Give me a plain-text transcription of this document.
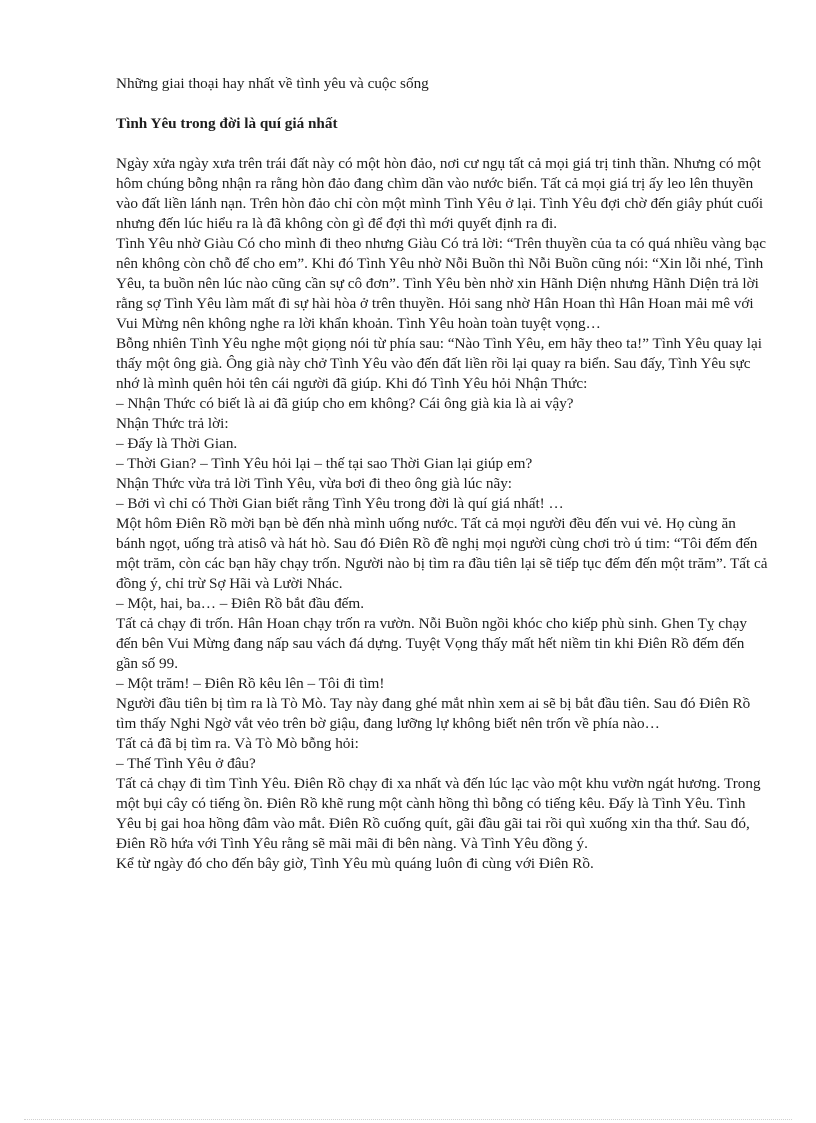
Những giai thoại hay nhất về tình yêu và cuộc sống

Tình Yêu trong đời là quí giá nhất

Ngày xửa ngày xưa trên trái đất này có một hòn đảo, nơi cư ngụ tất cả mọi giá trị tinh thần. Nhưng có một hôm chúng bỗng nhận ra rằng hòn đảo đang chìm dần vào nước biển. Tất cả mọi giá trị ấy leo lên thuyền vào đất liền lánh nạn. Trên hòn đảo chỉ còn một mình Tình Yêu ở lại. Tình Yêu đợi chờ đến giây phút cuối nhưng đến lúc hiểu ra là đã không còn gì để đợi thì mới quyết định ra đi.

Tình Yêu nhờ Giàu Có cho mình đi theo nhưng Giàu Có trả lời: “Trên thuyền của ta có quá nhiều vàng bạc nên không còn chỗ để cho em”. Khi đó Tình Yêu nhờ Nỗi Buồn thì Nỗi Buồn cũng nói: “Xin lỗi nhé, Tình Yêu, ta buồn nên lúc nào cũng cần sự cô đơn”. Tình Yêu bèn nhờ xin Hãnh Diện nhưng Hãnh Diện trả lời rằng sợ Tình Yêu làm mất đi sự hài hòa ở trên thuyền. Hỏi sang nhờ Hân Hoan thì Hân Hoan mải mê với Vui Mừng nên không nghe ra lời khẩn khoản. Tình Yêu hoàn toàn tuyệt vọng…

Bỗng nhiên Tình Yêu nghe một giọng nói từ phía sau: “Nào Tình Yêu, em hãy theo ta!” Tình Yêu quay lại thấy một ông già. Ông già này chở Tình Yêu vào đến đất liền rồi lại quay ra biển. Sau đấy, Tình Yêu sực nhớ là mình quên hỏi tên cái người đã giúp. Khi đó Tình Yêu hỏi Nhận Thức:

– Nhận Thức có biết là ai đã giúp cho em không? Cái ông già kia là ai vậy?

Nhận Thức trả lời:

– Đấy là Thời Gian.

– Thời Gian? – Tình Yêu hỏi lại – thế tại sao Thời Gian lại giúp em?

Nhận Thức vừa trả lời Tình Yêu, vừa bơi đi theo ông già lúc nãy:

– Bởi vì chỉ có Thời Gian biết rằng Tình Yêu trong đời là quí giá nhất! …

Một hôm Điên Rồ mời bạn bè đến nhà mình uống nước. Tất cả mọi người đều đến vui vẻ. Họ cùng ăn bánh ngọt, uống trà atisô và hát hò. Sau đó Điên Rồ đề nghị mọi người cùng chơi trò ú tim: “Tôi đếm đến một trăm, còn các bạn hãy chạy trốn. Người nào bị tìm ra đầu tiên lại sẽ tiếp tục đếm đến một trăm”. Tất cả đồng ý, chỉ trừ Sợ Hãi và Lười Nhác.

– Một, hai, ba… – Điên Rồ bắt đầu đếm.

Tất cả chạy đi trốn. Hân Hoan chạy trốn ra vườn. Nỗi Buồn ngồi khóc cho kiếp phù sinh. Ghen Tỵ chạy đến bên Vui Mừng đang nấp sau vách đá dựng. Tuyệt Vọng thấy mất hết niềm tin khi Điên Rồ đếm đến gần số 99.

– Một trăm! – Điên Rồ kêu lên – Tôi đi tìm!

Người đầu tiên bị tìm ra là Tò Mò. Tay này đang ghé mắt nhìn xem ai sẽ bị bắt đầu tiên. Sau đó Điên Rồ tìm thấy Nghi Ngờ vắt vẻo trên bờ giậu, đang lưỡng lự không biết nên trốn về phía nào…

Tất cả đã bị tìm ra. Và Tò Mò bỗng hỏi:

– Thế Tình Yêu ở đâu?

Tất cả chạy đi tìm Tình Yêu. Điên Rồ chạy đi xa nhất và đến lúc lạc vào một khu vườn ngát hương. Trong một bụi cây có tiếng ồn. Điên Rồ khẽ rung một cành hồng thì bỗng có tiếng kêu. Đấy là Tình Yêu. Tình Yêu bị gai hoa hồng đâm vào mắt. Điên Rồ cuống quít, gãi đầu gãi tai rồi quì xuống xin tha thứ. Sau đó, Điên Rồ hứa với Tình Yêu rằng sẽ mãi mãi đi bên nàng. Và Tình Yêu đồng ý.

Kể từ ngày đó cho đến bây giờ, Tình Yêu mù quáng luôn đi cùng với Điên Rồ.
